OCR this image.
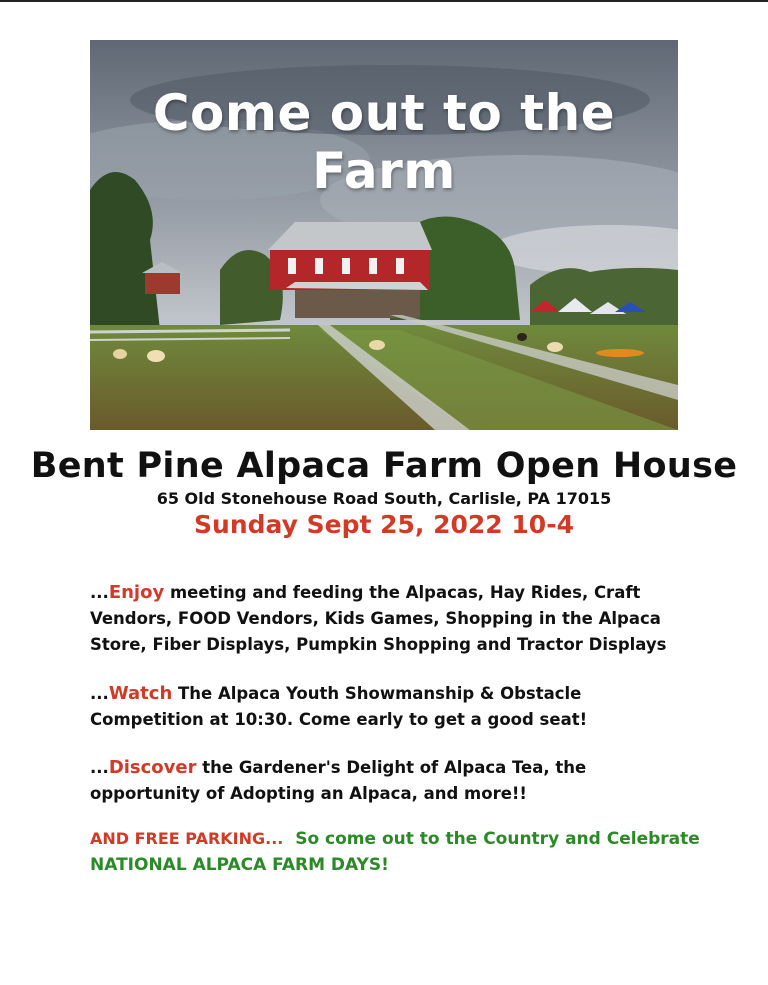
Come out to the Farm
Bent Pine Alpaca Farm Open House
65 Old Stonehouse Road South, Carlisle, PA 17015
Sunday Sept 25, 2022 10-4
...Enjoy meeting and feeding the Alpacas, Hay Rides, Craft Vendors, FOOD Vendors, Kids Games, Shopping in the Alpaca Store, Fiber Displays, Pumpkin Shopping and Tractor Displays
...Watch The Alpaca Youth Showmanship & Obstacle Competition at 10:30. Come early to get a good seat!
...Discover the Gardener's Delight of Alpaca Tea, the opportunity of Adopting an Alpaca, and more!!
AND FREE PARKING...  So come out to the Country and Celebrate NATIONAL ALPACA FARM DAYS!
